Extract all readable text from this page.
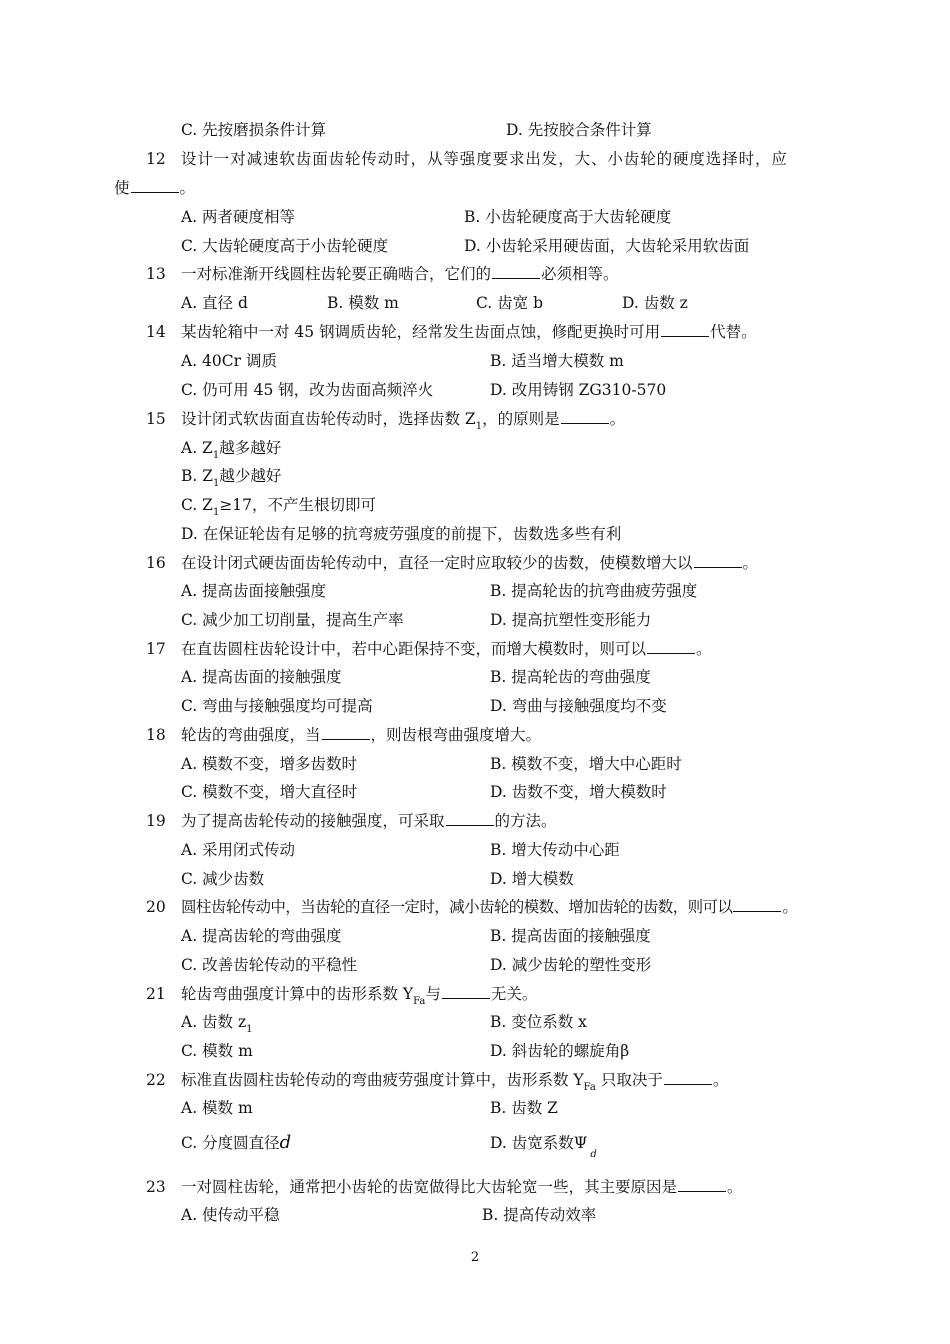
C. 先按磨损条件计算	D. 先按胶合条件计算
12 设计一对减速软齿面齿轮传动时，从等强度要求出发，大、小齿轮的硬度选择时，应
使	。
A. 两者硬度相等	B. 小齿轮硬度高于大齿轮硬度
C. 大齿轮硬度高于小齿轮硬度	D. 小齿轮采用硬齿面，大齿轮采用软齿面
13 一对标准渐开线圆柱齿轮要正确啮合，它们的	必须相等。
A. 直径 d	B. 模数 m	C. 齿宽 b	D. 齿数 z
14 某齿轮箱中一对 45 钢调质齿轮，经常发生齿面点蚀，修配更换时可用	代替。
A. 40Cr 调质	B. 适当增大模数 m
C. 仍可用 45 钢，改为齿面高频淬火	D. 改用铸钢 ZG310-570
15 设计闭式软齿面直齿轮传动时，选择齿数 $Z_1$，的原则是	。
A. $Z_1$越多越好
B. $Z_1$越少越好
C. $Z_1\ge 17$，不产生根切即可
D. 在保证轮齿有足够的抗弯疲劳强度的前提下，齿数选多些有利
16 在设计闭式硬齿面齿轮传动中，直径一定时应取较少的齿数，使模数增大以	。
A. 提高齿面接触强度	B. 提高轮齿的抗弯曲疲劳强度
C. 减少加工切削量，提高生产率	D. 提高抗塑性变形能力
17 在直齿圆柱齿轮设计中，若中心距保持不变，而增大模数时，则可以	。
A. 提高齿面的接触强度	B. 提高轮齿的弯曲强度
C. 弯曲与接触强度均可提高	D. 弯曲与接触强度均不变
18 轮齿的弯曲强度，当	，则齿根弯曲强度增大。
A. 模数不变，增多齿数时	B. 模数不变，增大中心距时
C. 模数不变，增大直径时	D. 齿数不变，增大模数时
19 为了提高齿轮传动的接触强度，可采取	的方法。
A. 采用闭式传动	B. 增大传动中心距
C. 减少齿数	D. 增大模数
20 圆柱齿轮传动中，当齿轮的直径一定时，减小齿轮的模数、增加齿轮的齿数，则可以	。
A. 提高齿轮的弯曲强度	B. 提高齿面的接触强度
C. 改善齿轮传动的平稳性	D. 减少齿轮的塑性变形
21 轮齿弯曲强度计算中的齿形系数 $Y_{Fa}$与	无关。
A. 齿数 $z_1$	B. 变位系数 x
C. 模数 m	D. 斜齿轮的螺旋角β
22 标准直齿圆柱齿轮传动的弯曲疲劳强度计算中，齿形系数 $Y_{Fa}$ 只取决于	。
A. 模数 m	B. 齿数 Z
C. 分度圆直径d	D. 齿宽系数$\Psi_d$
23 一对圆柱齿轮，通常把小齿轮的齿宽做得比大齿轮宽一些，其主要原因是	。
A. 使传动平稳	B. 提高传动效率
2
